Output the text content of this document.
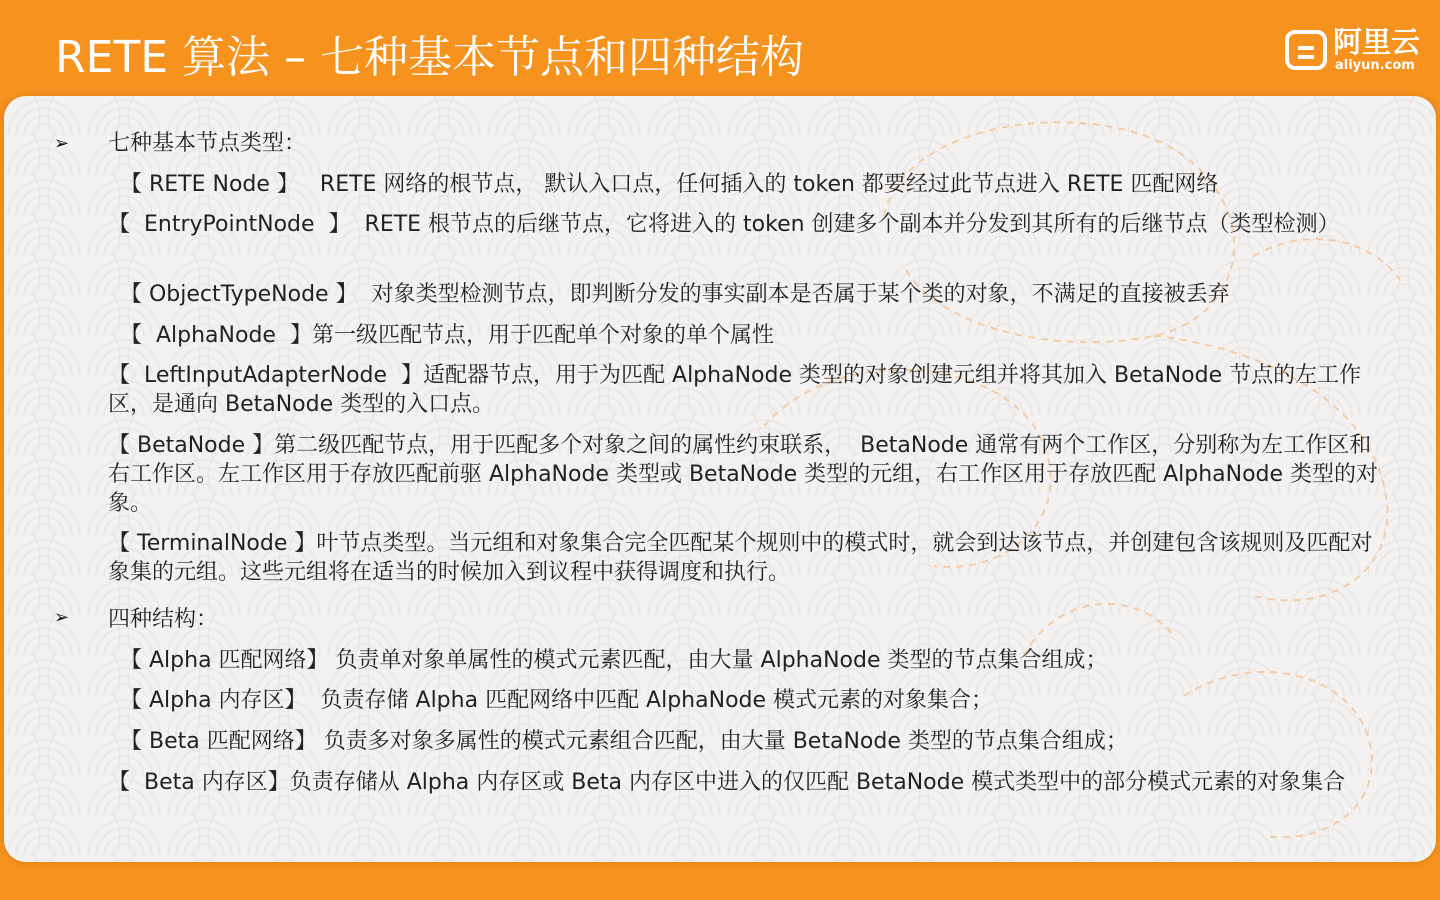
RETE 算法 – 七种基本节点和四种结构	阿里云
aliyun.com
➢ 七种基本节点类型：
【 RETE Node 】   RETE 网络的根节点， 默认入口点，任何插入的 token 都要经过此节点进入 RETE 匹配网络
【  EntryPointNode  】  RETE 根节点的后继节点，它将进入的 token 创建多个副本并分发到其所有的后继节点（类型检测）
【 ObjectTypeNode 】  对象类型检测节点，即判断分发的事实副本是否属于某个类的对象，不满足的直接被丢弃
【  AlphaNode  】第一级匹配节点，用于匹配单个对象的单个属性
【  LeftInputAdapterNode  】适配器节点，用于为匹配 AlphaNode 类型的对象创建元组并将其加入 BetaNode 节点的左工作区，是通向 BetaNode 类型的入口点。
【 BetaNode 】第二级匹配节点，用于匹配多个对象之间的属性约束联系，  BetaNode 通常有两个工作区，分别称为左工作区和右工作区。左工作区用于存放匹配前驱 AlphaNode 类型或 BetaNode 类型的元组，右工作区用于存放匹配 AlphaNode 类型的对象。
【 TerminalNode 】叶节点类型。当元组和对象集合完全匹配某个规则中的模式时，就会到达该节点，并创建包含该规则及匹配对象集的元组。这些元组将在适当的时候加入到议程中获得调度和执行。
➢ 四种结构：
【 Alpha 匹配网络】 负责单对象单属性的模式元素匹配，由大量 AlphaNode 类型的节点集合组成；
【 Alpha 内存区】  负责存储 Alpha 匹配网络中匹配 AlphaNode 模式元素的对象集合；
【 Beta 匹配网络】 负责多对象多属性的模式元素组合匹配，由大量 BetaNode 类型的节点集合组成；
【  Beta 内存区】负责存储从 Alpha 内存区或 Beta 内存区中进入的仅匹配 BetaNode 模式类型中的部分模式元素的对象集合
